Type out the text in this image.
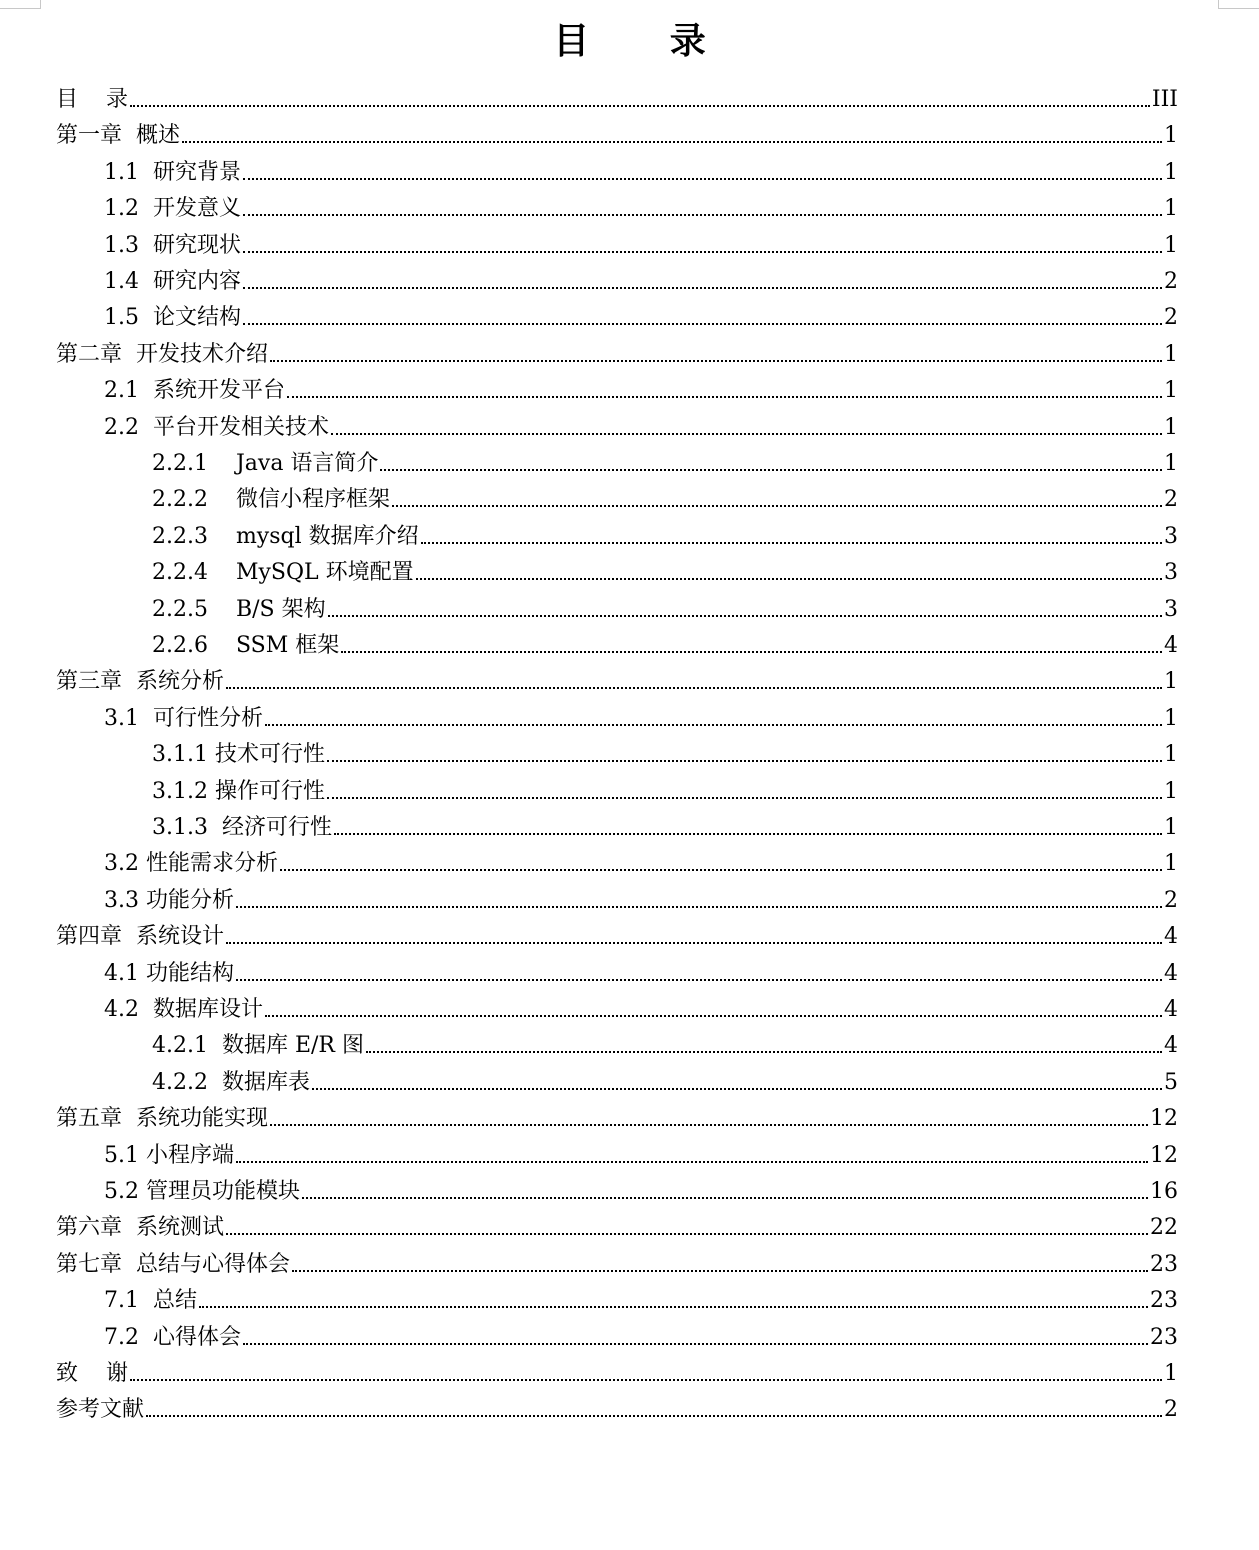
目 录
目    录	III
第一章  概述	1
1.1  研究背景	1
1.2  开发意义	1
1.3  研究现状	1
1.4  研究内容	2
1.5  论文结构	2
第二章  开发技术介绍	1
2.1  系统开发平台	1
2.2  平台开发相关技术	1
2.2.1    Java 语言简介	1
2.2.2    微信小程序框架	2
2.2.3    mysql 数据库介绍	3
2.2.4    MySQL 环境配置	3
2.2.5    B/S 架构	3
2.2.6    SSM 框架	4
第三章  系统分析	1
3.1  可行性分析	1
3.1.1 技术可行性	1
3.1.2 操作可行性	1
3.1.3  经济可行性	1
3.2 性能需求分析	1
3.3 功能分析	2
第四章  系统设计	4
4.1 功能结构	4
4.2  数据库设计	4
4.2.1  数据库 E/R 图	4
4.2.2  数据库表	5
第五章  系统功能实现	12
5.1 小程序端	12
5.2 管理员功能模块	16
第六章  系统测试	22
第七章  总结与心得体会	23
7.1  总结	23
7.2  心得体会	23
致    谢	1
参考文献	2
